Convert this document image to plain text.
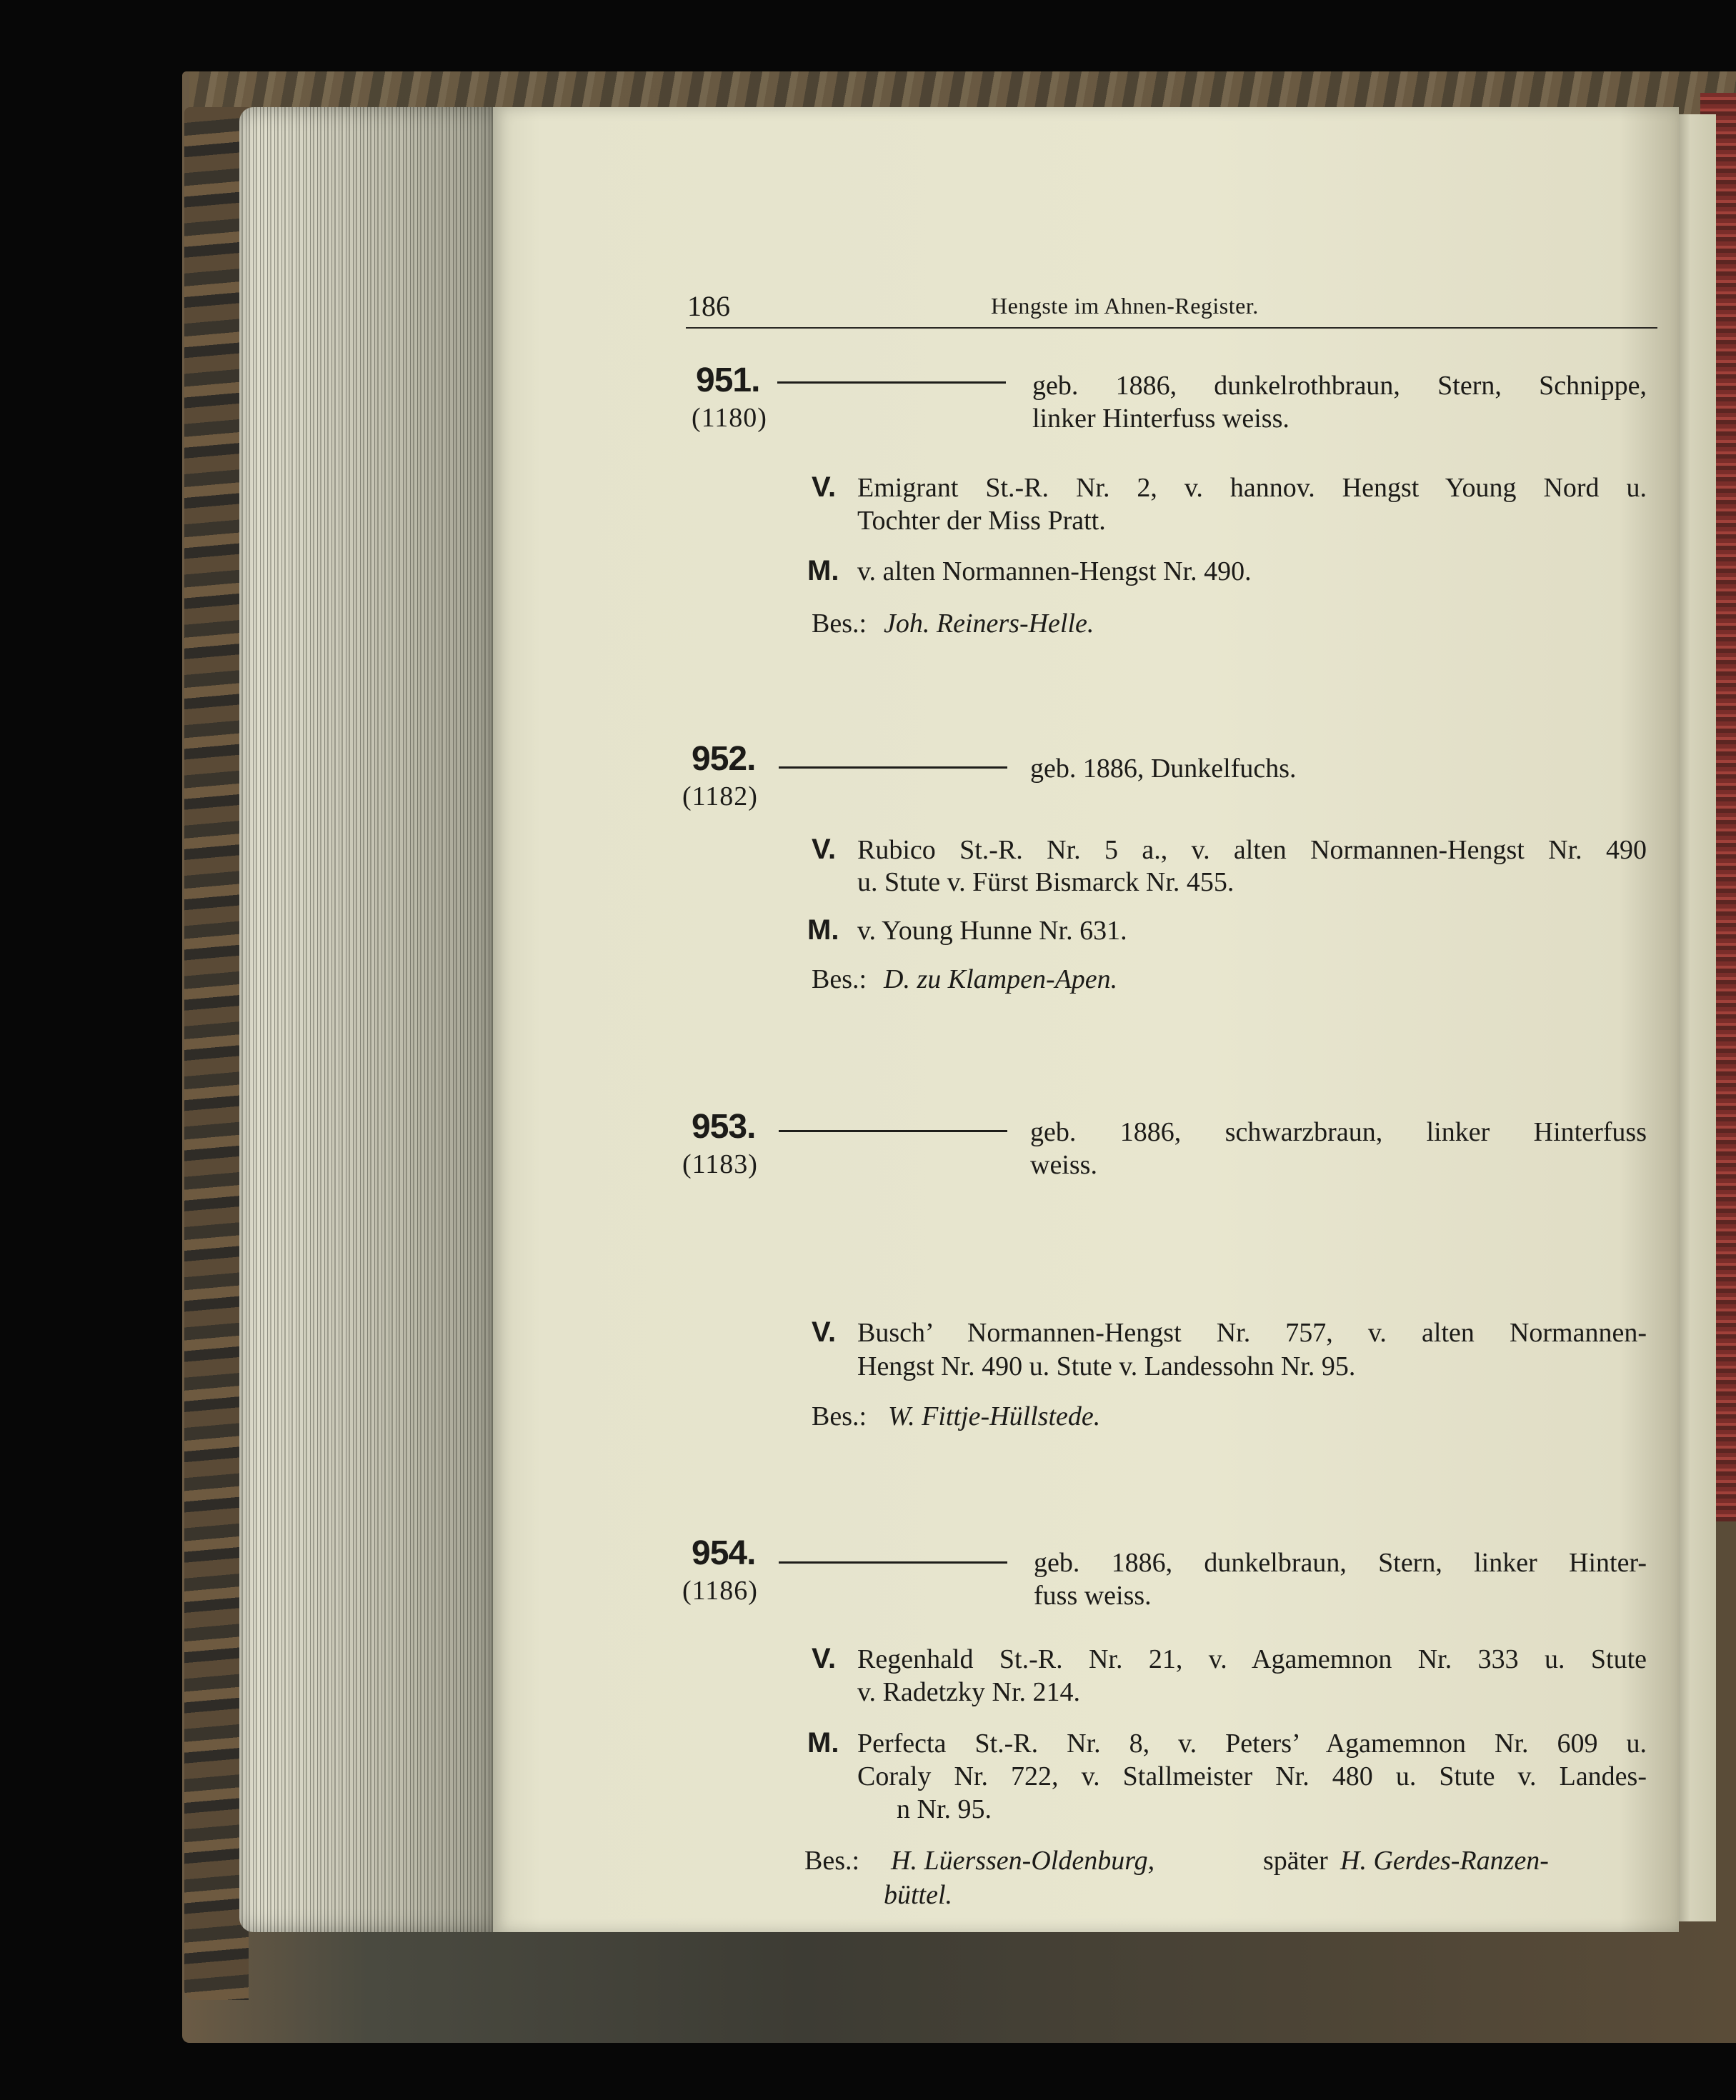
186	Hengste im Ahnen-Register.
951.
(1180)
geb. 1886, dunkelrothbraun, Stern, Schnippe,
linker Hinterfuss weiss.
V. Emigrant St.-R. Nr. 2, v. hannov. Hengst Young Nord u.
Tochter der Miss Pratt.
M. v. alten Normannen-Hengst Nr. 490.
Bes.: Joh. Reiners-Helle.
952.
(1182)
geb. 1886, Dunkelfuchs.
V. Rubico St.-R. Nr. 5 a., v. alten Normannen-Hengst Nr. 490
u. Stute v. Fürst Bismarck Nr. 455.
M. v. Young Hunne Nr. 631.
Bes.: D. zu Klampen-Apen.
953.
(1183)
geb. 1886, schwarzbraun, linker Hinterfuss
weiss.
V. Busch’ Normannen-Hengst Nr. 757, v. alten Normannen-
Hengst Nr. 490 u. Stute v. Landessohn Nr. 95.
Bes.: W. Fittje-Hüllstede.
954.
(1186)
geb. 1886, dunkelbraun, Stern, linker Hinter-
fuss weiss.
V. Regenhald St.-R. Nr. 21, v. Agamemnon Nr. 333 u. Stute
v. Radetzky Nr. 214.
M. Perfecta St.-R. Nr. 8, v. Peters’ Agamemnon Nr. 609 u.
Coraly Nr. 722, v. Stallmeister Nr. 480 u. Stute v. Landes-
n Nr. 95.
Bes.: H. Lüerssen-Oldenburg,	später H. Gerdes-Ranzen-
büttel.
